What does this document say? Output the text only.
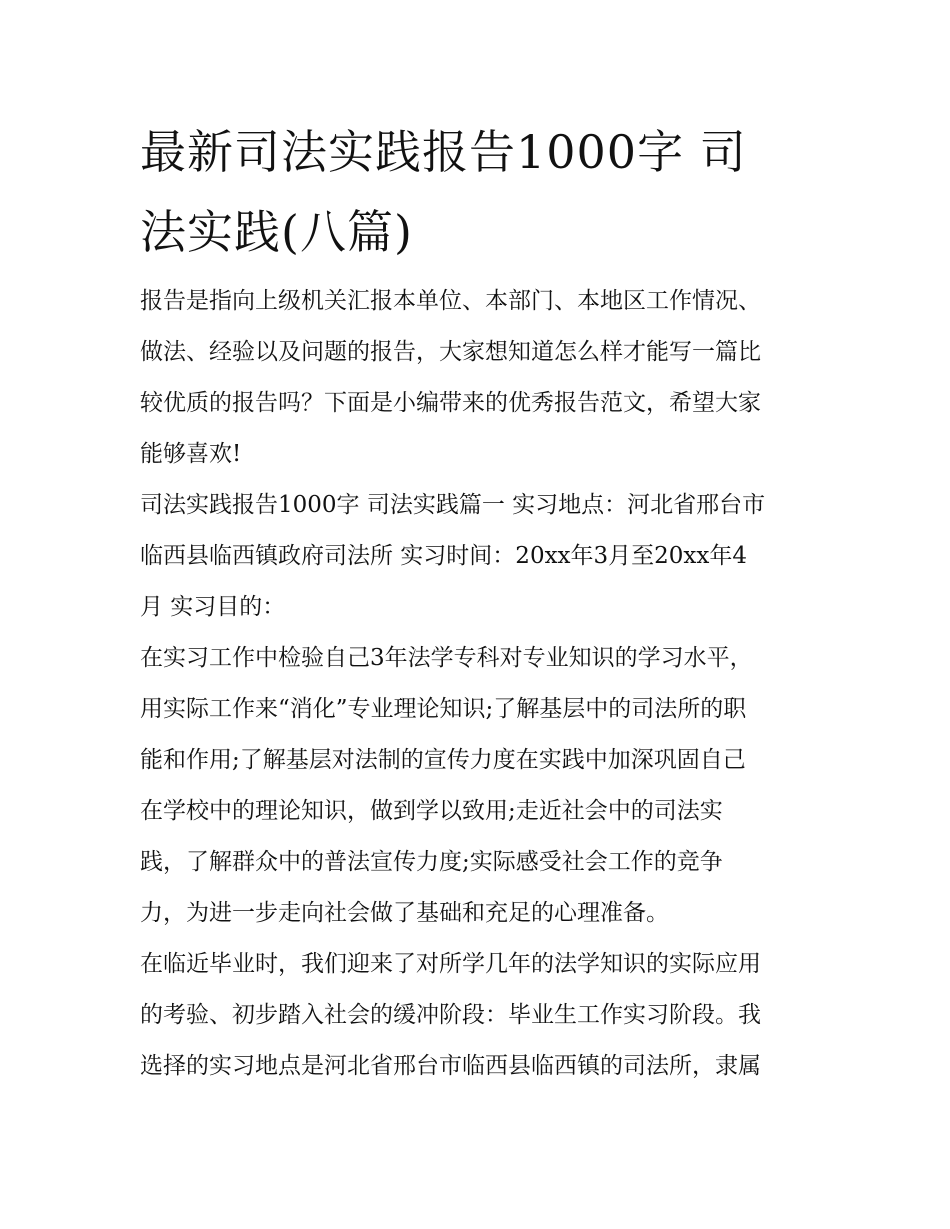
最新司法实践报告1000字 司
法实践(八篇)

报告是指向上级机关汇报本单位、本部门、本地区工作情况、
做法、经验以及问题的报告，大家想知道怎么样才能写一篇比
较优质的报告吗？下面是小编带来的优秀报告范文，希望大家
能够喜欢!

司法实践报告1000字 司法实践篇一 实习地点：河北省邢台市
临西县临西镇政府司法所 实习时间：20xx年3月至20xx年4
月 实习目的：

在实习工作中检验自己3年法学专科对专业知识的学习水平，
用实际工作来“消化”专业理论知识;了解基层中的司法所的职
能和作用;了解基层对法制的宣传力度在实践中加深巩固自己
在学校中的理论知识，做到学以致用;走近社会中的司法实
践，了解群众中的普法宣传力度;实际感受社会工作的竞争
力，为进一步走向社会做了基础和充足的心理准备。

在临近毕业时，我们迎来了对所学几年的法学知识的实际应用
的考验、初步踏入社会的缓冲阶段：毕业生工作实习阶段。我
选择的实习地点是河北省邢台市临西县临西镇的司法所，隶属
